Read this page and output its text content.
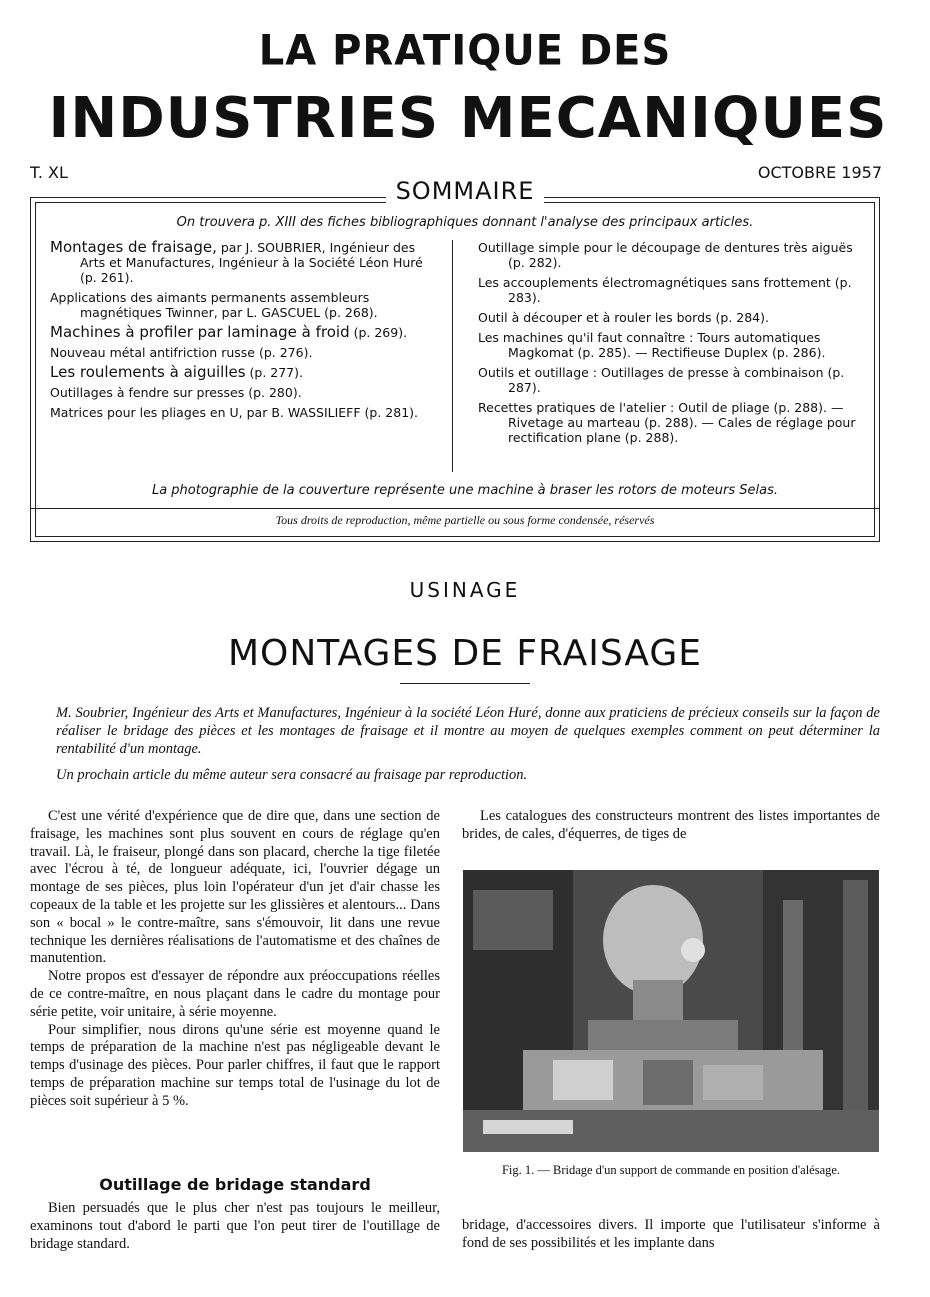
LA PRATIQUE DES
INDUSTRIES MECANIQUES
T. XL	OCTOBRE 1957
SOMMAIRE
On trouvera p. XIII des fiches bibliographiques donnant l'analyse des principaux articles.
Montages de fraisage, par J. SOUBRIER, Ingénieur des Arts et Manufactures, Ingénieur à la Société Léon Huré (p. 261).
Applications des aimants permanents assembleurs magnétiques Twinner, par L. GASCUEL (p. 268).
Machines à profiler par laminage à froid (p. 269).
Nouveau métal antifriction russe (p. 276).
Les roulements à aiguilles (p. 277).
Outillages à fendre sur presses (p. 280).
Matrices pour les pliages en U, par B. WASSILIEFF (p. 281).
Outillage simple pour le découpage de dentures très aiguës (p. 282).
Les accouplements électromagnétiques sans frottement (p. 283).
Outil à découper et à rouler les bords (p. 284).
Les machines qu'il faut connaître : Tours automatiques Magkomat (p. 285). — Rectifieuse Duplex (p. 286).
Outils et outillage : Outillages de presse à combinaison (p. 287).
Recettes pratiques de l'atelier : Outil de pliage (p. 288). — Rivetage au marteau (p. 288). — Cales de réglage pour rectification plane (p. 288).
La photographie de la couverture représente une machine à braser les rotors de moteurs Selas.
Tous droits de reproduction, même partielle ou sous forme condensée, réservés
USINAGE
MONTAGES DE FRAISAGE
M. Soubrier, Ingénieur des Arts et Manufactures, Ingénieur à la société Léon Huré, donne aux praticiens de précieux conseils sur la façon de réaliser le bridage des pièces et les montages de fraisage et il montre au moyen de quelques exemples comment on peut déterminer la rentabilité d'un montage.
Un prochain article du même auteur sera consacré au fraisage par reproduction.

C'est une vérité d'expérience que de dire que, dans une section de fraisage, les machines sont plus souvent en cours de réglage qu'en travail. Là, le fraiseur, plongé dans son placard, cherche la tige filetée avec l'écrou à té, de longueur adéquate, ici, l'ouvrier dégage un montage de ses pièces, plus loin l'opérateur d'un jet d'air chasse les copeaux de la table et les projette sur les glissières et alentours... Dans son « bocal » le contre-maître, sans s'émouvoir, lit dans une revue technique les dernières réalisations de l'automatisme et des chaînes de manutention.

Notre propos est d'essayer de répondre aux préoccupations réelles de ce contre-maître, en nous plaçant dans le cadre du montage pour série petite, voir unitaire, à série moyenne.

Pour simplifier, nous dirons qu'une série est moyenne quand le temps de préparation de la machine n'est pas négligeable devant le temps d'usinage des pièces. Pour parler chiffres, il faut que le rapport temps de préparation machine sur temps total de l'usinage du lot de pièces soit supérieur à 5 %.

Outillage de bridage standard

Bien persuadés que le plus cher n'est pas toujours le meilleur, examinons tout d'abord le parti que l'on peut tirer de l'outillage de bridage standard.

Les catalogues des constructeurs montrent des listes importantes de brides, de cales, d'équerres, de tiges de
Fig. 1. — Bridage d'un support de commande en position d'alésage.
bridage, d'accessoires divers. Il importe que l'utilisateur s'informe à fond de ses possibilités et les implante dans
